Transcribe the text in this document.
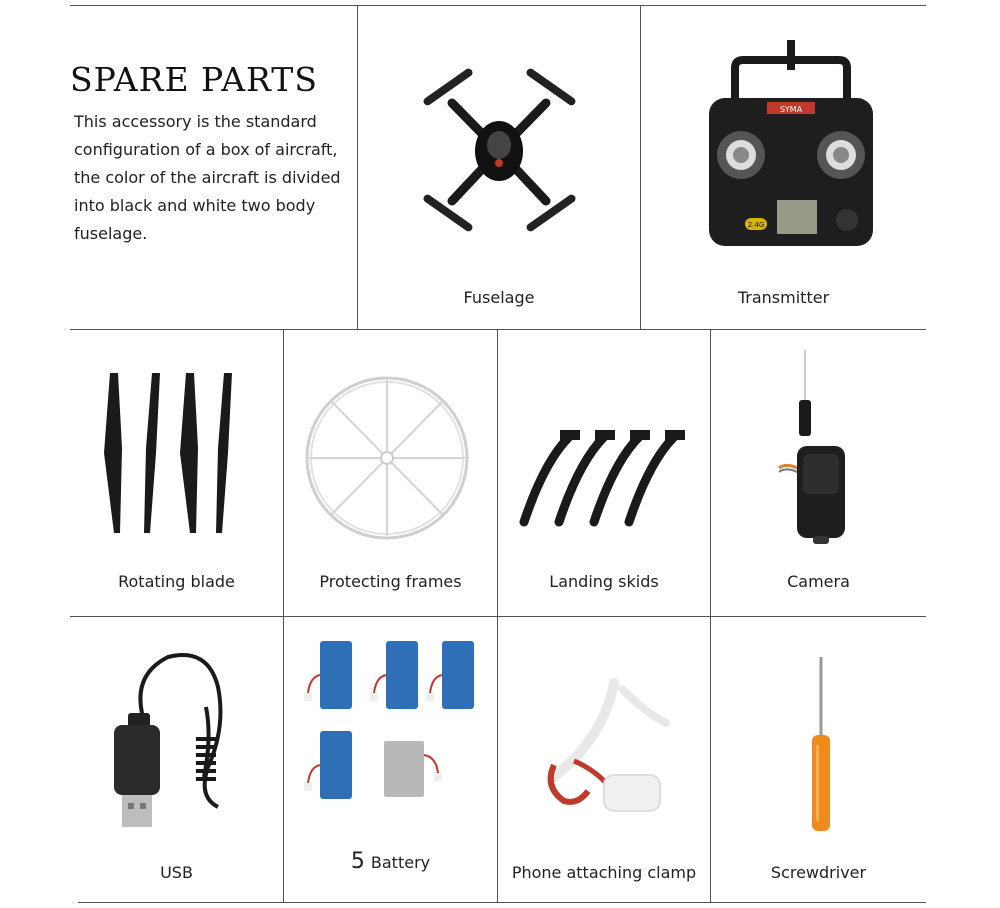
SPARE PARTS
This accessory is the standard configuration of a box of aircraft, the color of the aircraft is divided into black and white two body fuselage.
Fuselage
SYMA
2.4G
Transmitter
Rotating blade	Protecting frames	Landing skids	Camera
USB	5 Battery
Phone attaching clamp	Screwdriver
